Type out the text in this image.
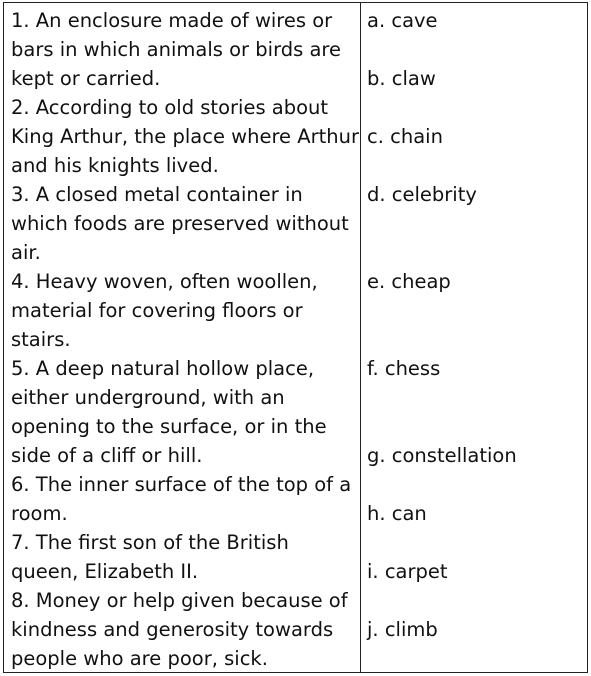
1. An enclosure made of wires or
bars in which animals or birds are
kept or carried.
2. According to old stories about
King Arthur, the place where Arthur
and his knights lived.
3. A closed metal container in
which foods are preserved without
air.
4. Heavy woven, often woollen,
material for covering floors or
stairs.
5. A deep natural hollow place,
either underground, with an
opening to the surface, or in the
side of a cliff or hill.
6. The inner surface of the top of a
room.
7. The first son of the British
queen, Elizabeth II.
8. Money or help given because of
kindness and generosity towards
people who are poor, sick.
a. cave
b. claw
c. chain
d. celebrity
e. cheap
f. chess
g. constellation
h. can
i. carpet
j. climb
